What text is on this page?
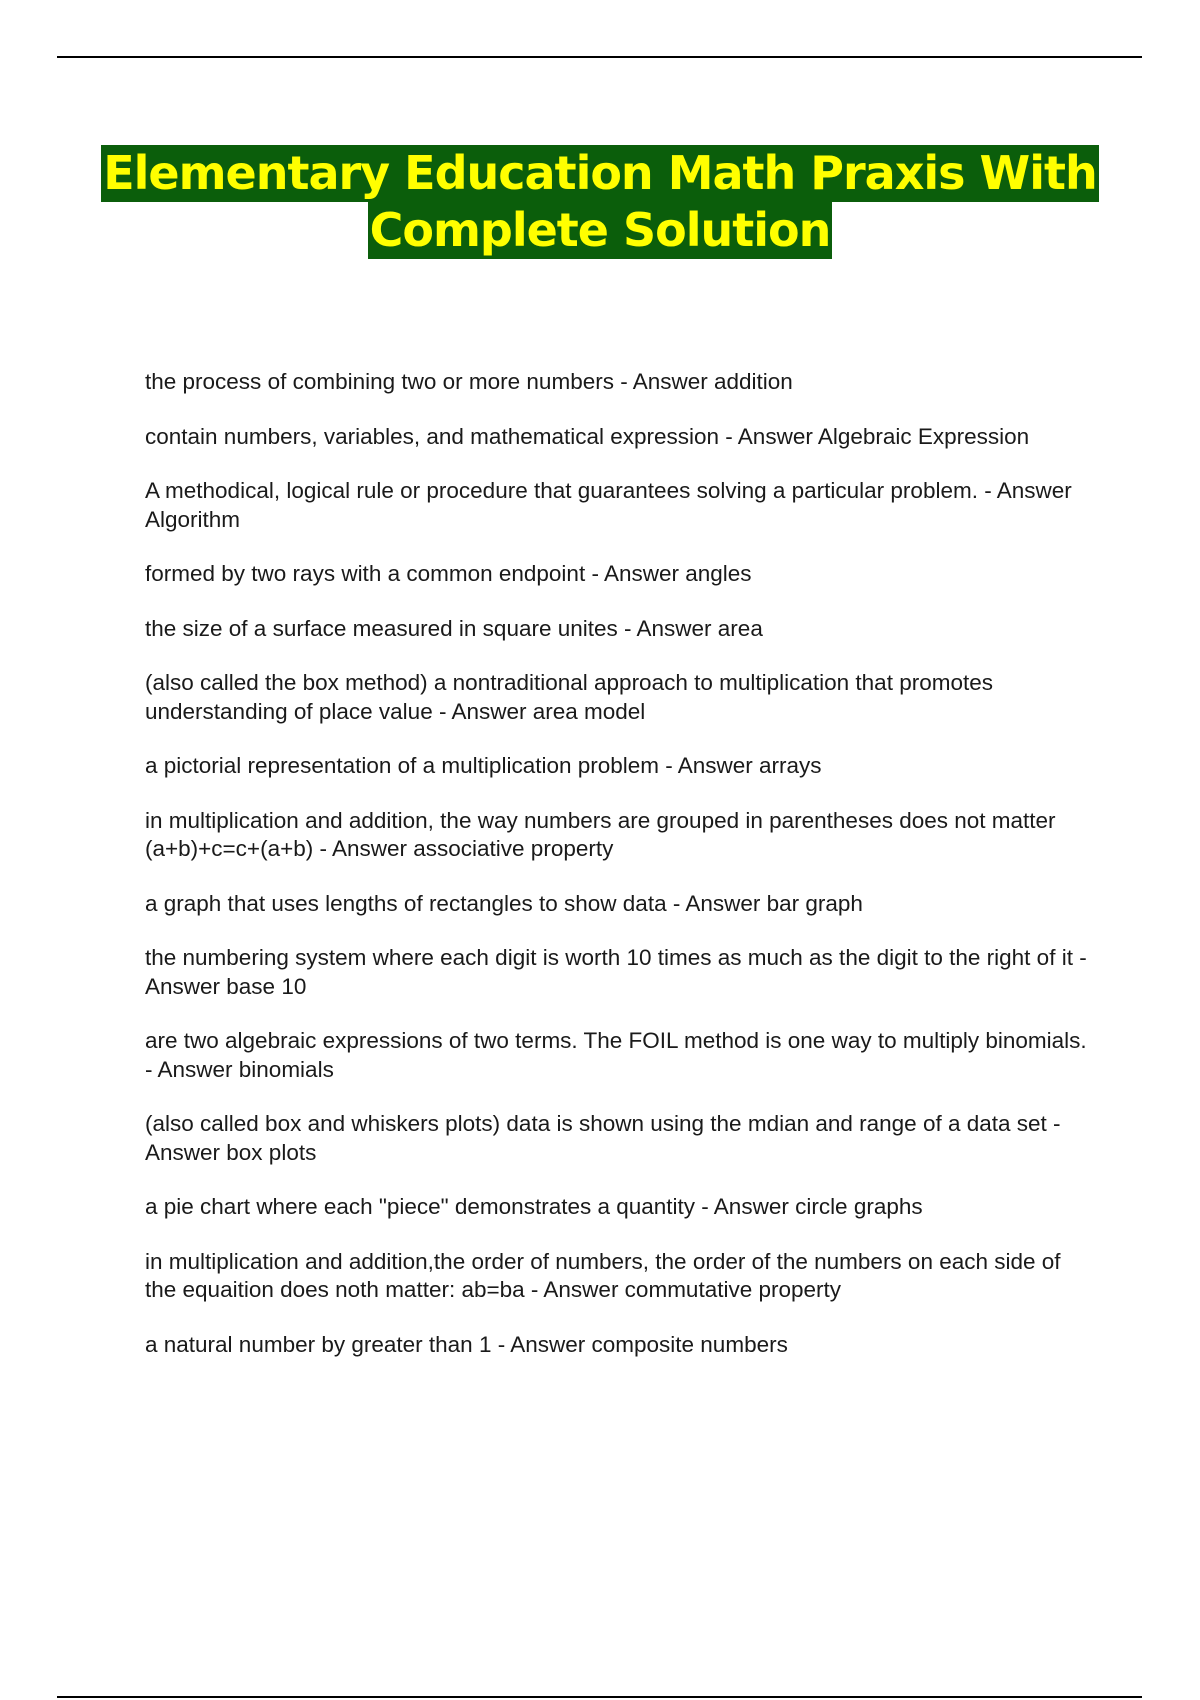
Elementary Education Math Praxis With
Complete Solution

the process of combining two or more numbers - Answer addition

contain numbers, variables, and mathematical expression - Answer Algebraic Expression

A methodical, logical rule or procedure that guarantees solving a particular problem. - Answer Algorithm

formed by two rays with a common endpoint - Answer angles

the size of a surface measured in square unites - Answer area

(also called the box method) a nontraditional approach to multiplication that promotes understanding of place value - Answer area model

a pictorial representation of a multiplication problem - Answer arrays

in multiplication and addition, the way numbers are grouped in parentheses does not matter (a+b)+c=c+(a+b) - Answer associative property

a graph that uses lengths of rectangles to show data - Answer bar graph

the numbering system where each digit is worth 10 times as much as the digit to the right of it - Answer base 10

are two algebraic expressions of two terms. The FOIL method is one way to multiply binomials. - Answer binomials

(also called box and whiskers plots) data is shown using the mdian and range of a data set - Answer box plots

a pie chart where each "piece" demonstrates a quantity - Answer circle graphs

in multiplication and addition,the order of numbers, the order of the numbers on each side of the equaition does noth matter: ab=ba - Answer commutative property

a natural number by greater than 1 - Answer composite numbers
